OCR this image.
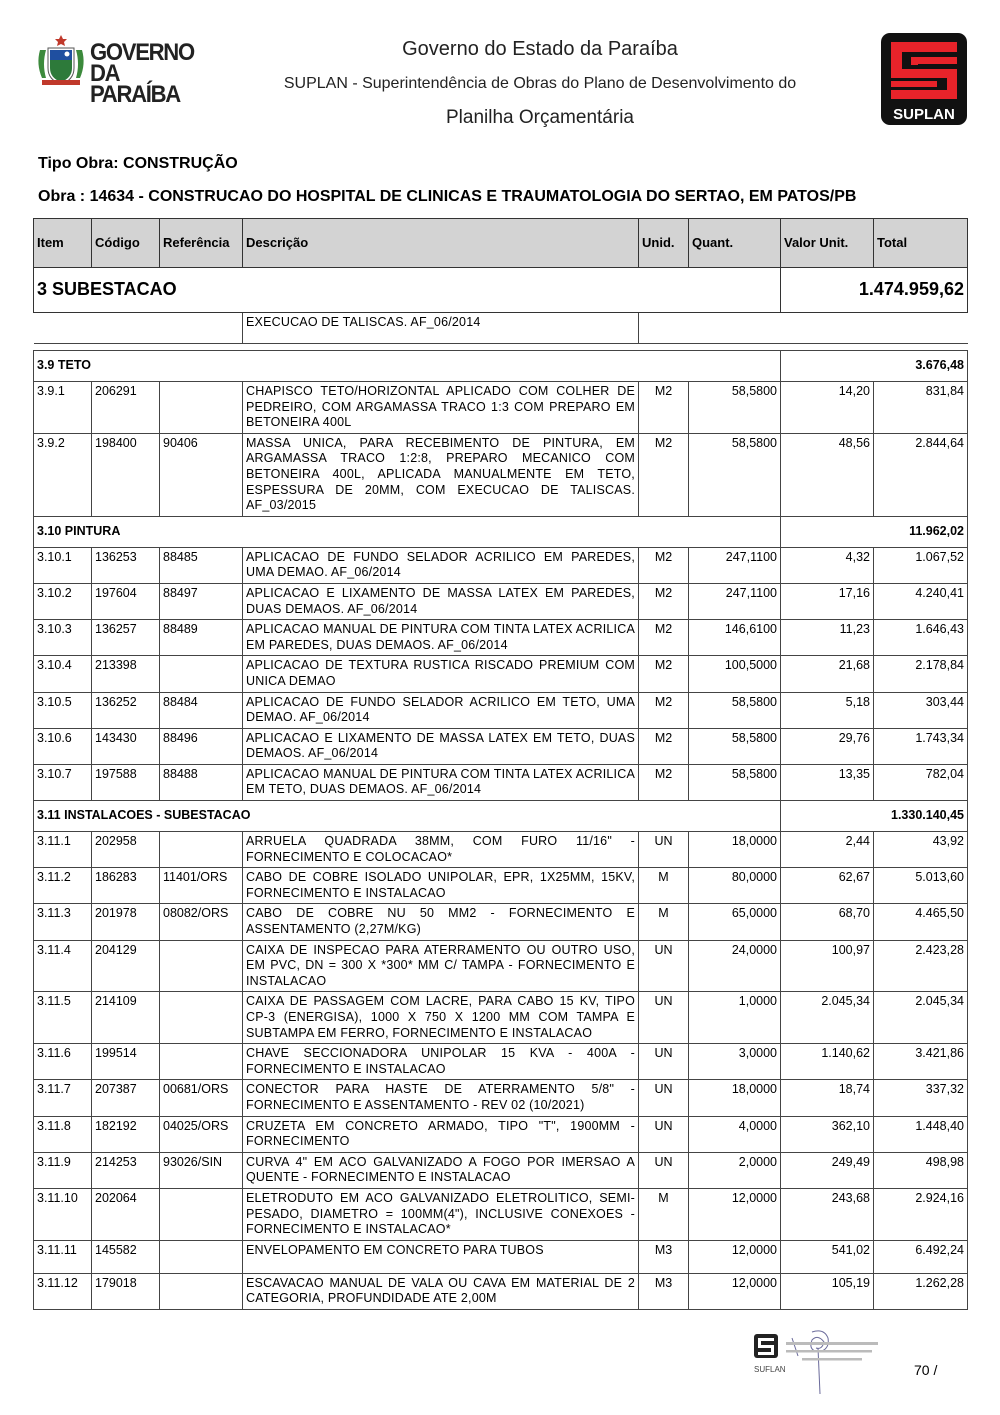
GOVERNO
DA PARAÍBA
Governo do Estado da Paraíba
SUPLAN - Superintendência de Obras do Plano de Desenvolvimento do
Planilha Orçamentária	SUPLAN
Tipo Obra: CONSTRUÇÃO
Obra : 14634 - CONSTRUCAO DO HOSPITAL DE CLINICAS E TRAUMATOLOGIA DO SERTAO, EM PATOS/PB
Item	Código	Referência	Descrição	Unid.	Quant.	Valor Unit.	Total
3 SUBESTACAO						1.474.959,62	
			EXECUCAO DE TALISCAS. AF_06/2014				

3.9 TETO						3.676,48	
3.9.1	206291		CHAPISCO TETO/HORIZONTAL APLICADO COM COLHER DE PEDREIRO, COM ARGAMASSA TRACO 1:3 COM PREPARO EM BETONEIRA 400L	M2	58,5800	14,20	831,84
3.9.2	198400	90406	MASSA UNICA, PARA RECEBIMENTO DE PINTURA, EM ARGAMASSA TRACO 1:2:8, PREPARO MECANICO COM BETONEIRA 400L, APLICADA MANUALMENTE EM TETO, ESPESSURA DE 20MM, COM EXECUCAO DE TALISCAS. AF_03/2015	M2	58,5800	48,56	2.844,64
3.10 PINTURA						11.962,02	
3.10.1	136253	88485	APLICACAO DE FUNDO SELADOR ACRILICO EM PAREDES, UMA DEMAO. AF_06/2014	M2	247,1100	4,32	1.067,52
3.10.2	197604	88497	APLICACAO E LIXAMENTO DE MASSA LATEX EM PAREDES, DUAS DEMAOS. AF_06/2014	M2	247,1100	17,16	4.240,41
3.10.3	136257	88489	APLICACAO MANUAL DE PINTURA COM TINTA LATEX ACRILICA EM PAREDES, DUAS DEMAOS. AF_06/2014	M2	146,6100	11,23	1.646,43
3.10.4	213398		APLICACAO DE TEXTURA RUSTICA RISCADO PREMIUM COM UNICA DEMAO	M2	100,5000	21,68	2.178,84
3.10.5	136252	88484	APLICACAO DE FUNDO SELADOR ACRILICO EM TETO, UMA DEMAO. AF_06/2014	M2	58,5800	5,18	303,44
3.10.6	143430	88496	APLICACAO E LIXAMENTO DE MASSA LATEX EM TETO, DUAS DEMAOS. AF_06/2014	M2	58,5800	29,76	1.743,34
3.10.7	197588	88488	APLICACAO MANUAL DE PINTURA COM TINTA LATEX ACRILICA EM TETO, DUAS DEMAOS. AF_06/2014	M2	58,5800	13,35	782,04
3.11 INSTALACOES - SUBESTACAO						1.330.140,45	
3.11.1	202958		ARRUELA QUADRADA 38MM, COM FURO 11/16" - FORNECIMENTO E COLOCACAO*	UN	18,0000	2,44	43,92
3.11.2	186283	11401/ORS	CABO DE COBRE ISOLADO UNIPOLAR, EPR, 1X25MM, 15KV, FORNECIMENTO E INSTALACAO	M	80,0000	62,67	5.013,60
3.11.3	201978	08082/ORS	CABO DE COBRE NU 50 MM2 - FORNECIMENTO E ASSENTAMENTO (2,27M/KG)	M	65,0000	68,70	4.465,50
3.11.4	204129		CAIXA DE INSPECAO PARA ATERRAMENTO OU OUTRO USO, EM PVC, DN = 300 X *300* MM C/ TAMPA - FORNECIMENTO E INSTALACAO	UN	24,0000	100,97	2.423,28
3.11.5	214109		CAIXA DE PASSAGEM COM LACRE, PARA CABO 15 KV, TIPO CP-3 (ENERGISA), 1000 X 750 X 1200 MM COM TAMPA E SUBTAMPA EM FERRO, FORNECIMENTO E INSTALACAO	UN	1,0000	2.045,34	2.045,34
3.11.6	199514		CHAVE SECCIONADORA UNIPOLAR 15 KVA - 400A - FORNECIMENTO E INSTALACAO	UN	3,0000	1.140,62	3.421,86
3.11.7	207387	00681/ORS	CONECTOR PARA HASTE DE ATERRAMENTO 5/8" - FORNECIMENTO E ASSENTAMENTO - REV 02 (10/2021)	UN	18,0000	18,74	337,32
3.11.8	182192	04025/ORS	CRUZETA EM CONCRETO ARMADO, TIPO "T", 1900MM - FORNECIMENTO	UN	4,0000	362,10	1.448,40
3.11.9	214253	93026/SIN	CURVA 4" EM ACO GALVANIZADO A FOGO POR IMERSAO A QUENTE - FORNECIMENTO E INSTALACAO	UN	2,0000	249,49	498,98
3.11.10	202064		ELETRODUTO EM ACO GALVANIZADO ELETROLITICO, SEMI-PESADO, DIAMETRO = 100MM(4"), INCLUSIVE CONEXOES - FORNECIMENTO E INSTALACAO*	M	12,0000	243,68	2.924,16
3.11.11	145582		ENVELOPAMENTO EM CONCRETO PARA TUBOS	M3	12,0000	541,02	6.492,24
3.11.12	179018		ESCAVACAO MANUAL DE VALA OU CAVA EM MATERIAL DE 2 CATEGORIA, PROFUNDIDADE ATE 2,00M	M3	12,0000	105,19	1.262,28
SUFLAN	70 /
